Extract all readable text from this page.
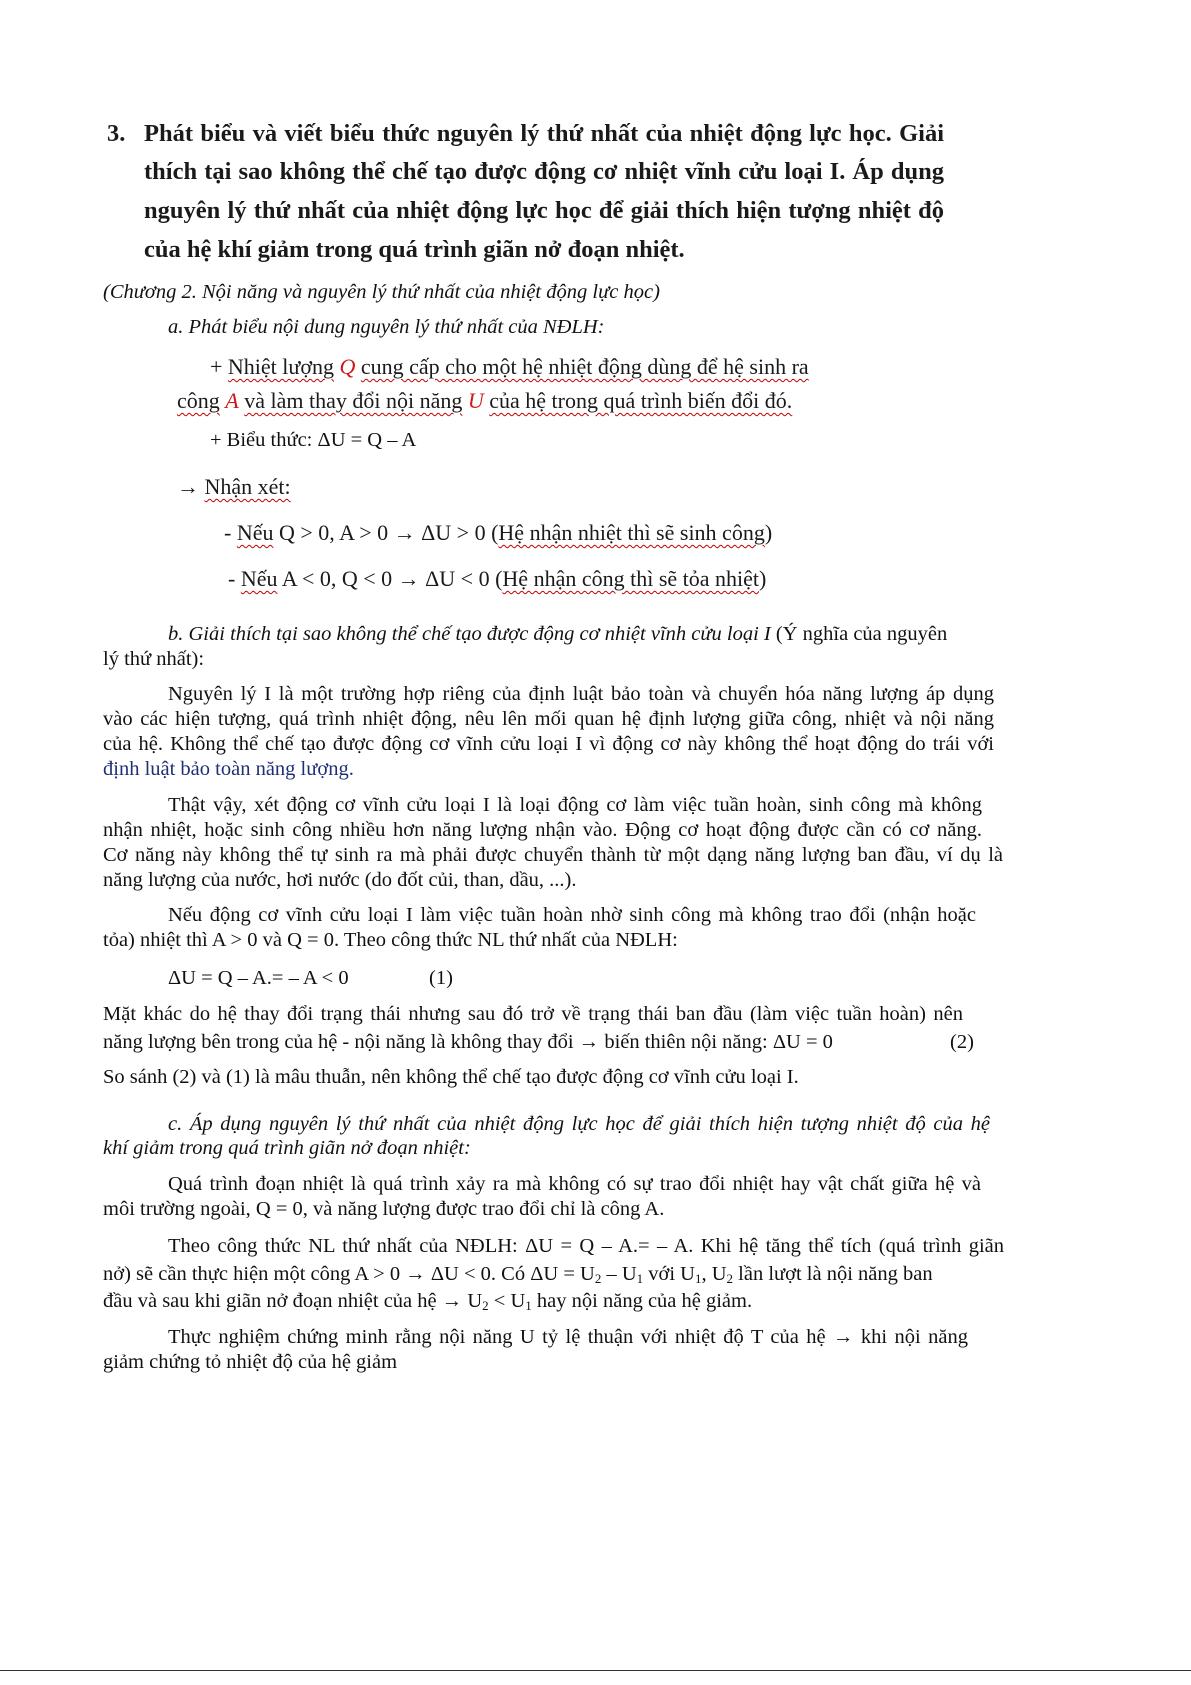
3. Phát biểu và viết biểu thức nguyên lý thứ nhất của nhiệt động lực học. Giải
thích tại sao không thể chế tạo được động cơ nhiệt vĩnh cửu loại I. Áp dụng
nguyên lý thứ nhất của nhiệt động lực học để giải thích hiện tượng nhiệt độ
của hệ khí giảm trong quá trình giãn nở đoạn nhiệt.
(Chương 2. Nội năng và nguyên lý thứ nhất của nhiệt động lực học)
a. Phát biểu nội dung nguyên lý thứ nhất của NĐLH:
+ Nhiệt lượng Q cung cấp cho một hệ nhiệt động dùng để hệ sinh ra
công A và làm thay đổi nội năng U của hệ trong quá trình biến đổi đó.
+ Biểu thức: ΔU = Q – A
→ Nhận xét:
- Nếu Q > 0, A > 0 → ΔU > 0 (Hệ nhận nhiệt thì sẽ sinh công)
- Nếu A < 0, Q < 0 → ΔU < 0 (Hệ nhận công thì sẽ tỏa nhiệt)
b. Giải thích tại sao không thể chế tạo được động cơ nhiệt vĩnh cửu loại I (Ý nghĩa của nguyên
lý thứ nhất):
Nguyên lý I là một trường hợp riêng của định luật bảo toàn và chuyển hóa năng lượng áp dụng
vào các hiện tượng, quá trình nhiệt động, nêu lên mối quan hệ định lượng giữa công, nhiệt và nội năng
của hệ. Không thể chế tạo được động cơ vĩnh cửu loại I vì động cơ này không thể hoạt động do trái với
định luật bảo toàn năng lượng.
Thật vậy, xét động cơ vĩnh cửu loại I là loại động cơ làm việc tuần hoàn, sinh công mà không
nhận nhiệt, hoặc sinh công nhiều hơn năng lượng nhận vào. Động cơ hoạt động được cần có cơ năng.
Cơ năng này không thể tự sinh ra mà phải được chuyển thành từ một dạng năng lượng ban đầu, ví dụ là
năng lượng của nước, hơi nước (do đốt củi, than, dầu, ...).
Nếu động cơ vĩnh cửu loại I làm việc tuần hoàn nhờ sinh công mà không trao đổi (nhận hoặc
tỏa) nhiệt thì A > 0 và Q = 0. Theo công thức NL thứ nhất của NĐLH:
ΔU = Q – A.= – A < 0	(1)
Mặt khác do hệ thay đổi trạng thái nhưng sau đó trở về trạng thái ban đầu (làm việc tuần hoàn) nên
năng lượng bên trong của hệ - nội năng là không thay đổi → biến thiên nội năng: ΔU = 0	(2)
So sánh (2) và (1) là mâu thuẫn, nên không thể chế tạo được động cơ vĩnh cửu loại I.
c. Áp dụng nguyên lý thứ nhất của nhiệt động lực học để giải thích hiện tượng nhiệt độ của hệ
khí giảm trong quá trình giãn nở đoạn nhiệt:
Quá trình đoạn nhiệt là quá trình xảy ra mà không có sự trao đổi nhiệt hay vật chất giữa hệ và
môi trường ngoài, Q = 0, và năng lượng được trao đổi chỉ là công A.
Theo công thức NL thứ nhất của NĐLH: ΔU = Q – A.= – A. Khi hệ tăng thể tích (quá trình giãn
nở) sẽ cần thực hiện một công A > 0 → ΔU < 0. Có $\Delta U = U_2 - U_1$ với $U_1$, $U_2$ lần lượt là nội năng ban
đầu và sau khi giãn nở đoạn nhiệt của hệ → $U_2 < U_1$ hay nội năng của hệ giảm.
Thực nghiệm chứng minh rằng nội năng U tỷ lệ thuận với nhiệt độ T của hệ → khi nội năng
giảm chứng tỏ nhiệt độ của hệ giảm
